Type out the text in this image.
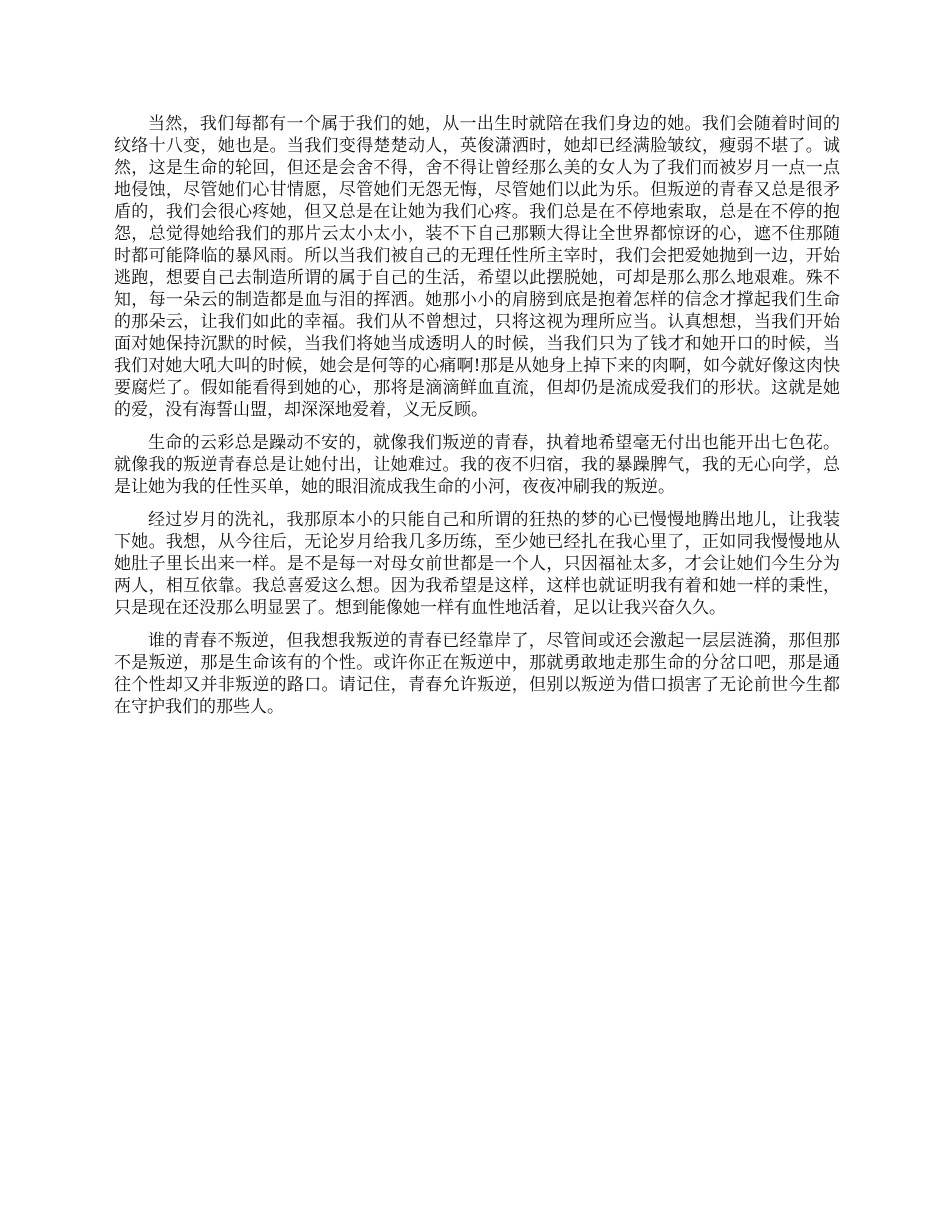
当然，我们每都有一个属于我们的她，从一出生时就陪在我们身边的她。我们会随着时间的纹络十八变，她也是。当我们变得楚楚动人，英俊潇洒时，她却已经满脸皱纹，瘦弱不堪了。诚然，这是生命的轮回，但还是会舍不得，舍不得让曾经那么美的女人为了我们而被岁月一点一点地侵蚀，尽管她们心甘情愿，尽管她们无怨无悔，尽管她们以此为乐。但叛逆的青春又总是很矛盾的，我们会很心疼她，但又总是在让她为我们心疼。我们总是在不停地索取，总是在不停的抱怨，总觉得她给我们的那片云太小太小，装不下自己那颗大得让全世界都惊讶的心，遮不住那随时都可能降临的暴风雨。所以当我们被自己的无理任性所主宰时，我们会把爱她抛到一边，开始逃跑，想要自己去制造所谓的属于自己的生活，希望以此摆脱她，可却是那么那么地艰难。殊不知，每一朵云的制造都是血与泪的挥洒。她那小小的肩膀到底是抱着怎样的信念才撑起我们生命的那朵云，让我们如此的幸福。我们从不曾想过，只将这视为理所应当。认真想想，当我们开始面对她保持沉默的时候，当我们将她当成透明人的时候，当我们只为了钱才和她开口的时候，当我们对她大吼大叫的时候，她会是何等的心痛啊!那是从她身上掉下来的肉啊，如今就好像这肉快要腐烂了。假如能看得到她的心，那将是滴滴鲜血直流，但却仍是流成爱我们的形状。这就是她的爱，没有海誓山盟，却深深地爱着，义无反顾。

生命的云彩总是躁动不安的，就像我们叛逆的青春，执着地希望毫无付出也能开出七色花。就像我的叛逆青春总是让她付出，让她难过。我的夜不归宿，我的暴躁脾气，我的无心向学，总是让她为我的任性买单，她的眼泪流成我生命的小河，夜夜冲刷我的叛逆。

经过岁月的洗礼，我那原本小的只能自己和所谓的狂热的梦的心已慢慢地腾出地儿，让我装下她。我想，从今往后，无论岁月给我几多历练，至少她已经扎在我心里了，正如同我慢慢地从她肚子里长出来一样。是不是每一对母女前世都是一个人，只因福祉太多，才会让她们今生分为两人，相互依靠。我总喜爱这么想。因为我希望是这样，这样也就证明我有着和她一样的秉性，只是现在还没那么明显罢了。想到能像她一样有血性地活着，足以让我兴奋久久。

谁的青春不叛逆，但我想我叛逆的青春已经靠岸了，尽管间或还会激起一层层涟漪，那但那不是叛逆，那是生命该有的个性。或许你正在叛逆中，那就勇敢地走那生命的分岔口吧，那是通往个性却又并非叛逆的路口。请记住，青春允许叛逆，但别以叛逆为借口损害了无论前世今生都在守护我们的那些人。
